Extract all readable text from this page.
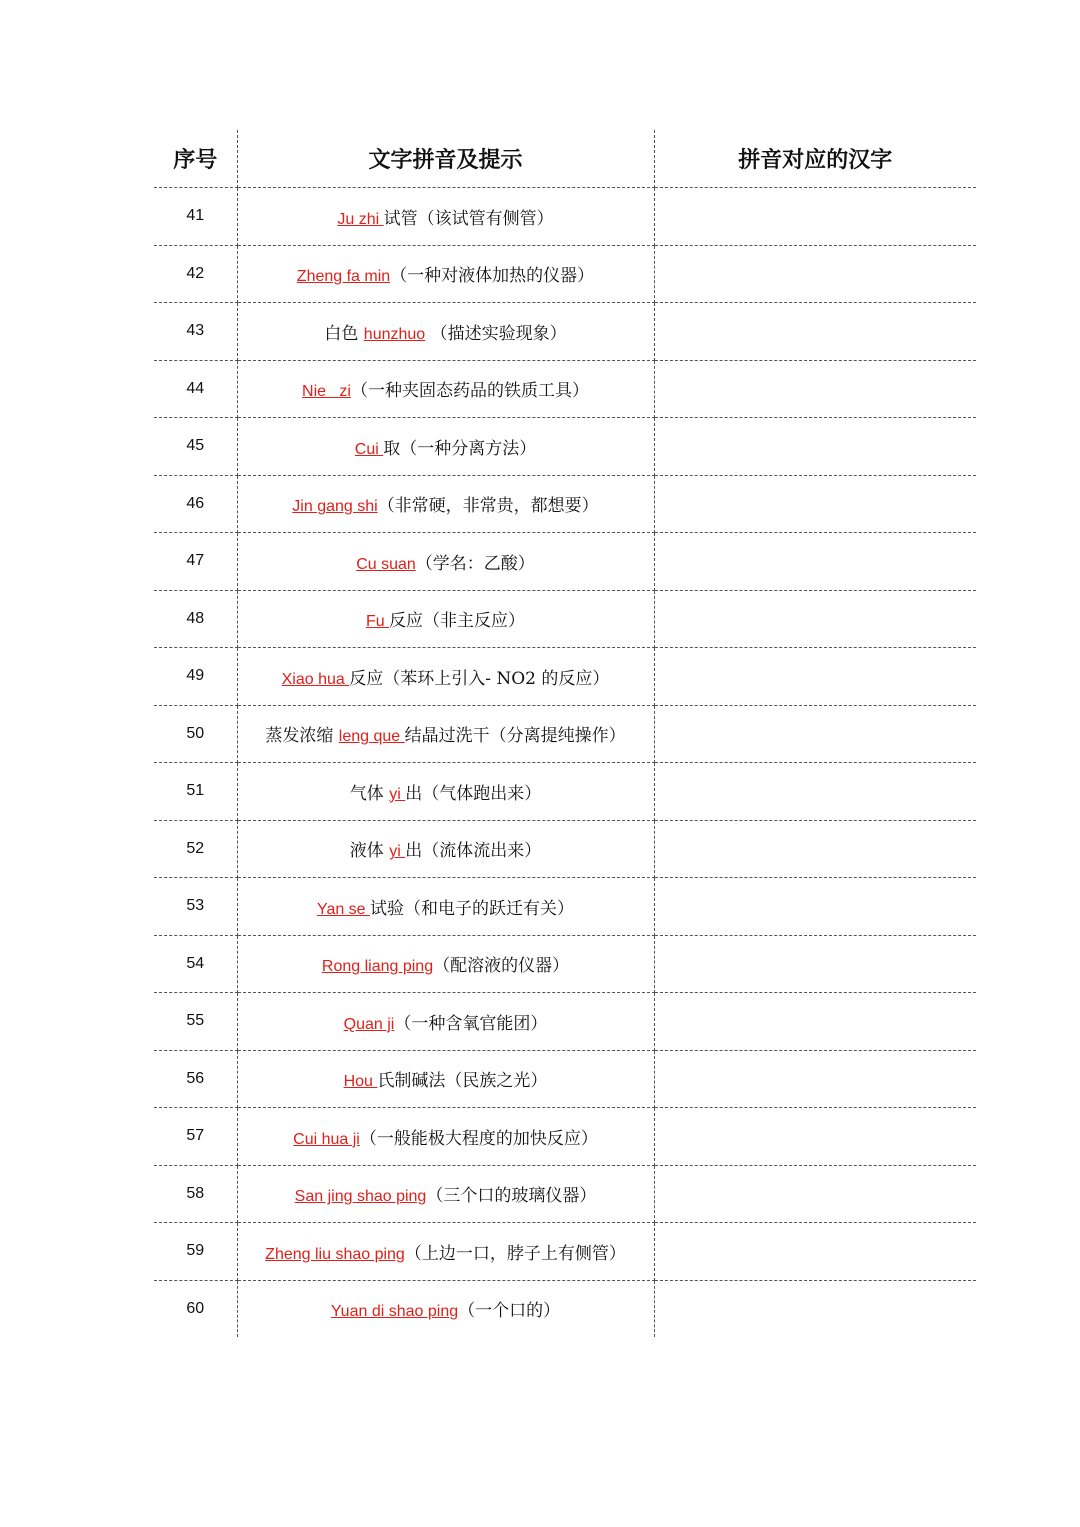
序号	文字拼音及提示	拼音对应的汉字
41	Ju zhi 试管（该试管有侧管）	
42	Zheng fa min（一种对液体加热的仪器）	
43	白色 hunzhuo （描述实验现象）	
44	Nie   zi（一种夹固态药品的铁质工具）	
45	Cui 取（一种分离方法）	
46	Jin gang shi（非常硬，非常贵，都想要）	
47	Cu suan（学名：乙酸）	
48	Fu 反应（非主反应）	
49	Xiao hua 反应（苯环上引入- NO2 的反应）	
50	蒸发浓缩 leng que 结晶过洗干（分离提纯操作）	
51	气体 yi 出（气体跑出来）	
52	液体 yi 出（流体流出来）	
53	Yan se 试验（和电子的跃迁有关）	
54	Rong liang ping（配溶液的仪器）	
55	Quan ji（一种含氧官能团）	
56	Hou 氏制碱法（民族之光）	
57	Cui hua ji（一般能极大程度的加快反应）	
58	San jing shao ping（三个口的玻璃仪器）	
59	Zheng liu shao ping（上边一口，脖子上有侧管）	
60	Yuan di shao ping（一个口的）	
